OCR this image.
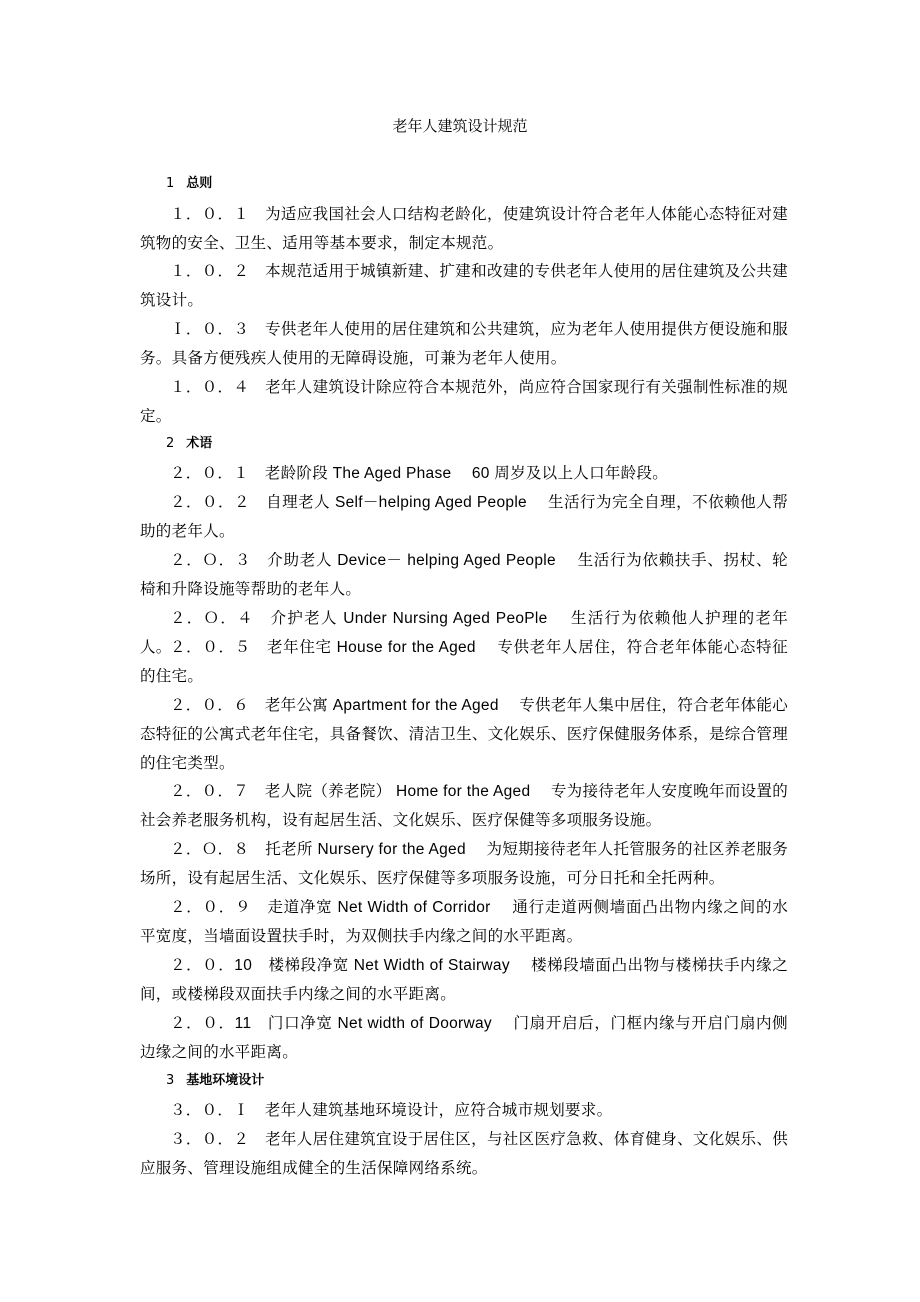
老年人建筑设计规范
1 总则
１．０．１　为适应我国社会人口结构老龄化，使建筑设计符合老年人体能心态特征对建筑物的安全、卫生、适用等基本要求，制定本规范。
１．０．２　本规范适用于城镇新建、扩建和改建的专供老年人使用的居住建筑及公共建筑设计。
Ｉ．０．３　专供老年人使用的居住建筑和公共建筑，应为老年人使用提供方便设施和服务。具备方便残疾人使用的无障碍设施，可兼为老年人使用。
１．０．４　老年人建筑设计除应符合本规范外，尚应符合国家现行有关强制性标准的规定。
2 术语
２．０．１　老龄阶段 The Aged Phase　 60 周岁及以上人口年龄段。
２．０．２　自理老人 Self－helping Aged People　 生活行为完全自理，不依赖他人帮助的老年人。
２．Ｏ．３　介助老人 Device－ helping Aged People　 生活行为依赖扶手、拐杖、轮椅和升降设施等帮助的老年人。
２．Ｏ．４　介护老人 Under Nursing Aged PeoPle　 生活行为依赖他人护理的老年人。
２．０．５　老年住宅 House for the Aged　 专供老年人居住，符合老年体能心态特征的住宅。
２．０．６　老年公寓 Apartment for the Aged　 专供老年人集中居住，符合老年体能心态特征的公寓式老年住宅，具备餐饮、清洁卫生、文化娱乐、医疗保健服务体系，是综合管理的住宅类型。
２．０．７　老人院（养老院） Home for the Aged　 专为接待老年人安度晚年而设置的社会养老服务机构，设有起居生活、文化娱乐、医疗保健等多项服务设施。
２．Ｏ．８　托老所 Nursery for the Aged　 为短期接待老年人托管服务的社区养老服务场所，设有起居生活、文化娱乐、医疗保健等多项服务设施，可分日托和全托两种。
２．０．９　走道净宽 Net Width of Corridor　 通行走道两侧墙面凸出物内缘之间的水平宽度，当墙面设置扶手时，为双侧扶手内缘之间的水平距离。
２．０．10　楼梯段净宽 Net Width of Stairway　 楼梯段墙面凸出物与楼梯扶手内缘之间，或楼梯段双面扶手内缘之间的水平距离。
２．０．11　门口净宽 Net width of Doorway　 门扇开启后，门框内缘与开启门扇内侧边缘之间的水平距离。
3 基地环境设计
３．０．Ｉ　老年人建筑基地环境设计，应符合城市规划要求。
３．０．２　老年人居住建筑宜设于居住区，与社区医疗急救、体育健身、文化娱乐、供应服务、管理设施组成健全的生活保障网络系统。
